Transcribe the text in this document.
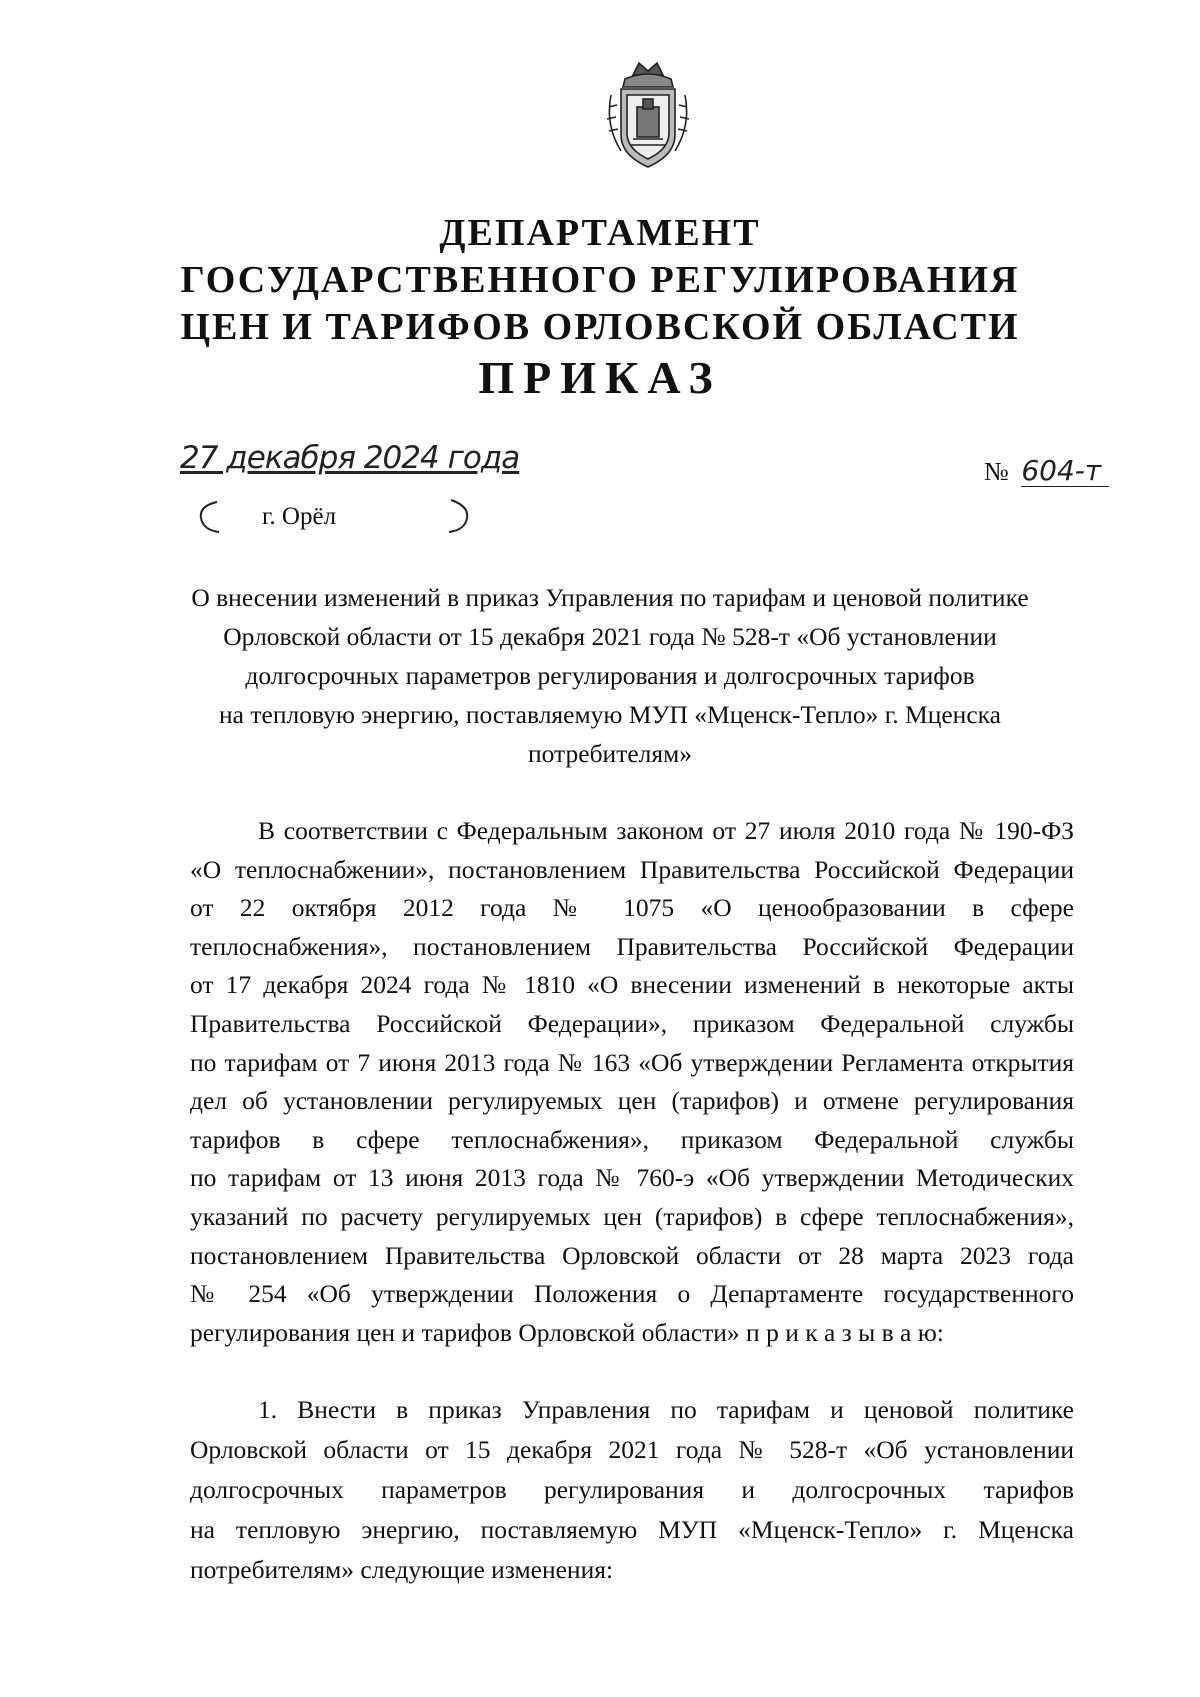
ДЕПАРТАМЕНТ
ГОСУДАРСТВЕННОГО РЕГУЛИРОВАНИЯ
ЦЕН И ТАРИФОВ ОРЛОВСКОЙ ОБЛАСТИ
ПРИКАЗ
27 декабря 2024 года
г. Орёл
№ 604-т
О внесении изменений в приказ Управления по тарифам и ценовой политике
Орловской области от 15 декабря 2021 года № 528-т «Об установлении
долгосрочных параметров регулирования и долгосрочных тарифов
на тепловую энергию, поставляемую МУП «Мценск-Тепло» г. Мценска
потребителям»
В соответствии с Федеральным законом от 27 июля 2010 года № 190-ФЗ
«О теплоснабжении», постановлением Правительства Российской Федерации
от 22 октября 2012 года № 1075 «О ценообразовании в сфере
теплоснабжения», постановлением Правительства Российской Федерации
от 17 декабря 2024 года № 1810 «О внесении изменений в некоторые акты
Правительства Российской Федерации», приказом Федеральной службы
по тарифам от 7 июня 2013 года № 163 «Об утверждении Регламента открытия
дел об установлении регулируемых цен (тарифов) и отмене регулирования
тарифов в сфере теплоснабжения», приказом Федеральной службы
по тарифам от 13 июня 2013 года № 760-э «Об утверждении Методических
указаний по расчету регулируемых цен (тарифов) в сфере теплоснабжения»,
постановлением Правительства Орловской области от 28 марта 2023 года
№ 254 «Об утверждении Положения о Департаменте государственного
регулирования цен и тарифов Орловской области» п р и к а з ы в а ю:
1. Внести в приказ Управления по тарифам и ценовой политике
Орловской области от 15 декабря 2021 года № 528-т «Об установлении
долгосрочных параметров регулирования и долгосрочных тарифов
на тепловую энергию, поставляемую МУП «Мценск-Тепло» г. Мценска
потребителям» следующие изменения:
